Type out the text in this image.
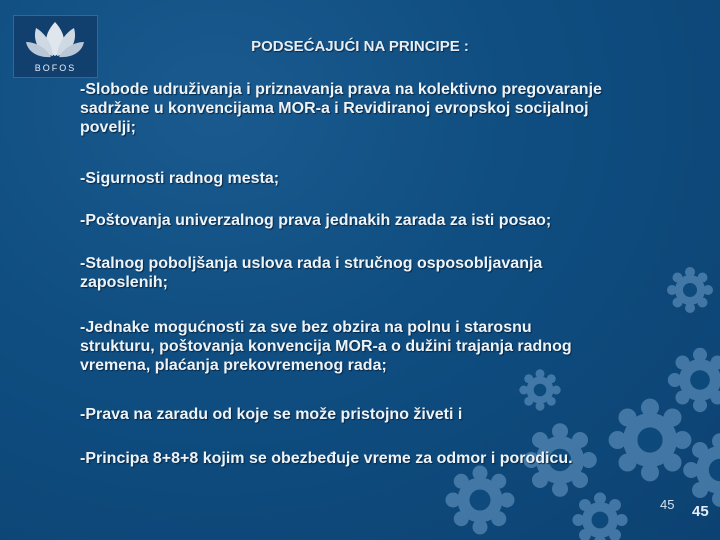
BOFOS
PODSEĆAJUĆI NA PRINCIPE :
-Slobode udruživanja i priznavanja prava na kolektivno pregovaranje
sadržane u konvencijama MOR-a i Revidiranoj evropskoj socijalnoj
povelji;
-Sigurnosti radnog mesta;
-Poštovanja univerzalnog prava jednakih zarada za isti posao;
-Stalnog poboljšanja uslova rada i stručnog osposobljavanja
zaposlenih;
-Jednake mogućnosti za sve bez obzira na polnu i starosnu
strukturu, poštovanja konvencija MOR-a o dužini trajanja radnog
vremena, plaćanja prekovremenog rada;
-Prava na zaradu od koje se može pristojno živeti i
-Principa 8+8+8 kojim se obezbeđuje vreme za odmor i porodicu.
45 45
